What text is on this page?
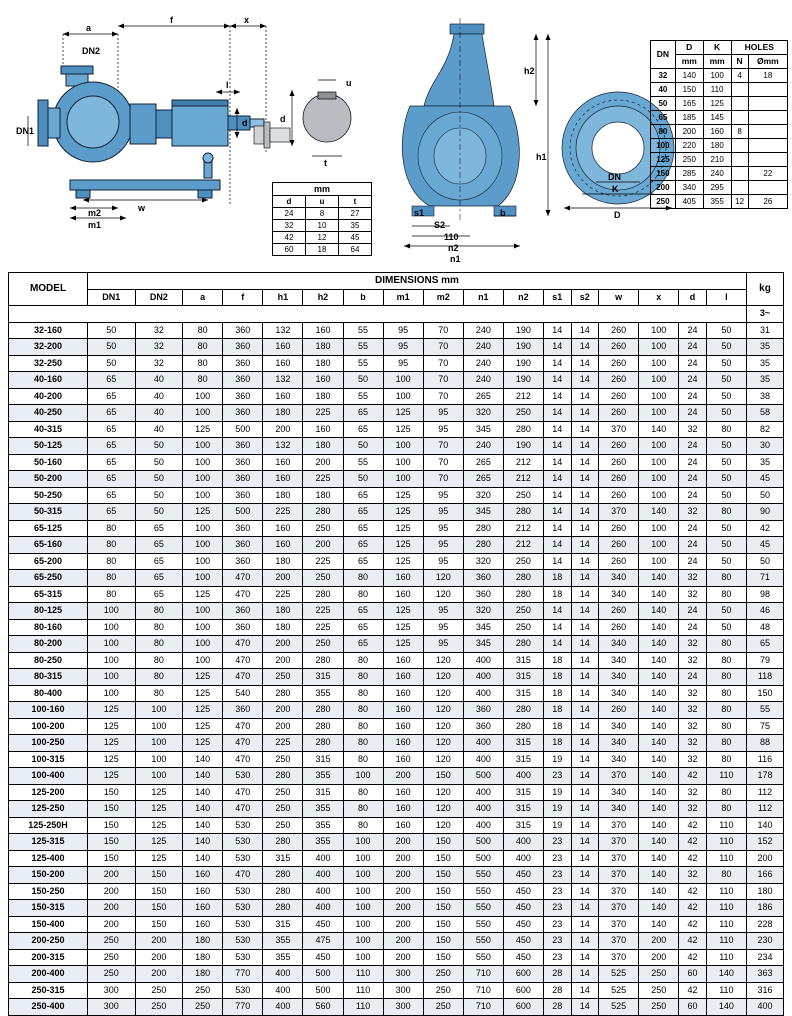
a
f	x
DN2
DN1
l
d
m2
m1
w
d
u
t
h2
h1
s1
S2
b
110
n2
n1
DN
K
D
mm
d	u	t
24	8	27
32	10	35
42	12	45
60	18	64
DN	D	K	HOLES	
	mm	mm	N	Ømm
32	140	100	4	18
40	150	110		
50	165	125		
65	185	145		
80	200	160	8	
100	220	180		
125	250	210		
150	285	240		22
200	340	295		
250	405	355	12	26
MODEL	DIMENSIONS mm																	kg
	DN1	DN2	a	f	h1	h2	b	m1	m2	n1	n2	s1	s2	w	x	d	l	
																		3~
32-160	50	32	80	360	132	160	55	95	70	240	190	14	14	260	100	24	50	31
32-200	50	32	80	360	160	180	55	95	70	240	190	14	14	260	100	24	50	35
32-250	50	32	80	360	160	180	55	95	70	240	190	14	14	260	100	24	50	35
40-160	65	40	80	360	132	160	50	100	70	240	190	14	14	260	100	24	50	35
40-200	65	40	100	360	160	180	55	100	70	265	212	14	14	260	100	24	50	38
40-250	65	40	100	360	180	225	65	125	95	320	250	14	14	260	100	24	50	58
40-315	65	40	125	500	200	160	65	125	95	345	280	14	14	370	140	32	80	82
50-125	65	50	100	360	132	180	50	100	70	240	190	14	14	260	100	24	50	30
50-160	65	50	100	360	160	200	55	100	70	265	212	14	14	260	100	24	50	35
50-200	65	50	100	360	160	225	50	100	70	265	212	14	14	260	100	24	50	45
50-250	65	50	100	360	180	180	65	125	95	320	250	14	14	260	100	24	50	50
50-315	65	50	125	500	225	280	65	125	95	345	280	14	14	370	140	32	80	90
65-125	80	65	100	360	160	250	65	125	95	280	212	14	14	260	100	24	50	42
65-160	80	65	100	360	160	200	65	125	95	280	212	14	14	260	100	24	50	45
65-200	80	65	100	360	180	225	65	125	95	320	250	14	14	260	100	24	50	50
65-250	80	65	100	470	200	250	80	160	120	360	280	18	14	340	140	32	80	71
65-315	80	65	125	470	225	280	80	160	120	360	280	18	14	340	140	32	80	98
80-125	100	80	100	360	180	225	65	125	95	320	250	14	14	260	140	24	50	46
80-160	100	80	100	360	180	225	65	125	95	345	250	14	14	260	140	24	50	48
80-200	100	80	100	470	200	250	65	125	95	345	280	14	14	340	140	32	80	65
80-250	100	80	100	470	200	280	80	160	120	400	315	18	14	340	140	32	80	79
80-315	100	80	125	470	250	315	80	160	120	400	315	18	14	340	140	24	80	118
80-400	100	80	125	540	280	355	80	160	120	400	315	18	14	340	140	32	80	150
100-160	125	100	125	360	200	280	80	160	120	360	280	18	14	260	140	32	80	55
100-200	125	100	125	470	200	280	80	160	120	360	280	18	14	340	140	32	80	75
100-250	125	100	125	470	225	280	80	160	120	400	315	18	14	340	140	32	80	88
100-315	125	100	140	470	250	315	80	160	120	400	315	19	14	340	140	32	80	116
100-400	125	100	140	530	280	355	100	200	150	500	400	23	14	370	140	42	110	178
125-200	150	125	140	470	250	315	80	160	120	400	315	19	14	340	140	32	80	112
125-250	150	125	140	470	250	355	80	160	120	400	315	19	14	340	140	32	80	112
125-250H	150	125	140	530	250	355	80	160	120	400	315	19	14	370	140	42	110	140
125-315	150	125	140	530	280	355	100	200	150	500	400	23	14	370	140	42	110	152
125-400	150	125	140	530	315	400	100	200	150	500	400	23	14	370	140	42	110	200
150-200	200	150	160	470	280	400	100	200	150	550	450	23	14	370	140	32	80	166
150-250	200	150	160	530	280	400	100	200	150	550	450	23	14	370	140	42	110	180
150-315	200	150	160	530	280	400	100	200	150	550	450	23	14	370	140	42	110	186
150-400	200	150	160	530	315	450	100	200	150	550	450	23	14	370	140	42	110	228
200-250	250	200	180	530	355	475	100	200	150	550	450	23	14	370	200	42	110	230
200-315	250	200	180	530	355	450	100	200	150	550	450	23	14	370	200	42	110	234
200-400	250	200	180	770	400	500	110	300	250	710	600	28	14	525	250	60	140	363
250-315	300	250	250	530	400	500	110	300	250	710	600	28	14	525	250	42	110	316
250-400	300	250	250	770	400	560	110	300	250	710	600	28	14	525	250	60	140	400
